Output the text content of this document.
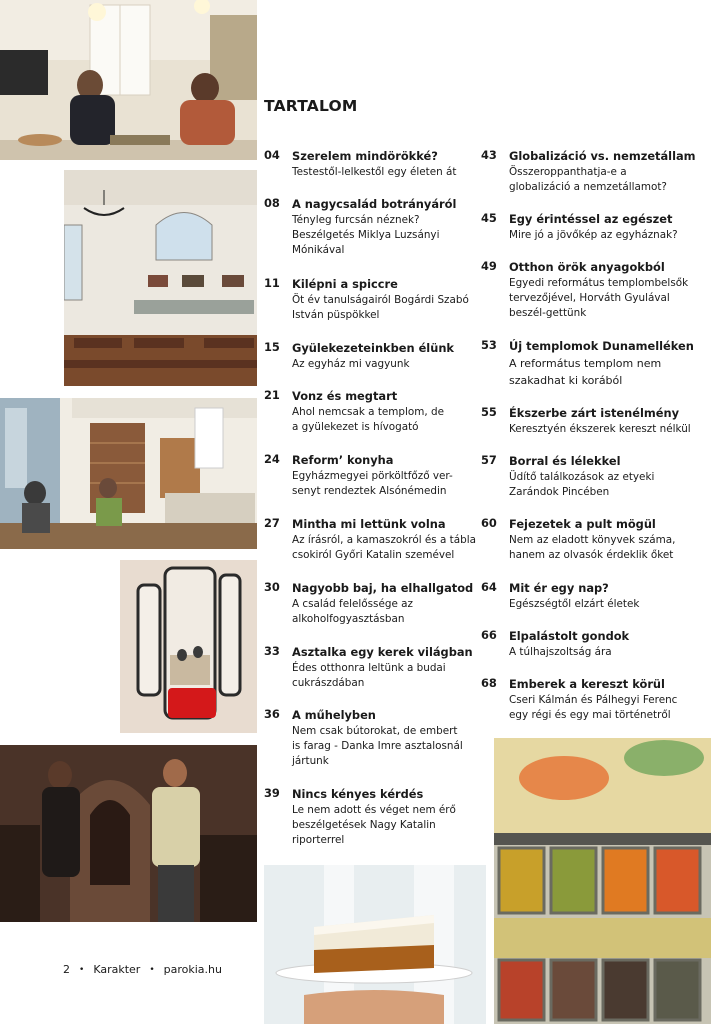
TARTALOM
04 Szerelem mindörökké?
Testestől-lelkestől egy életen át
08 A nagycsalád botrányáról
Tényleg furcsán néznek? Beszélgetés Miklya Luzsányi Mónikával
11 Kilépni a spiccre
Öt év tanulságairól Bogárdi Szabó István püspökkel
15 Gyülekezeteinkben élünk
Az egyház mi vagyunk
21 Vonz és megtart
Ahol nemcsak a templom, de a gyülekezet is hívogató
24 Reform’ konyha
Egyházmegyei pörköltfőző ver-senyt rendeztek Alsónémedin
27 Mintha mi lettünk volna
Az írásról, a kamaszokról és a tábla csokiról Győri Katalin szemével
30 Nagyobb baj, ha elhallgatod
A család felelőssége az alkoholfogyasztásban
33 Asztalka egy kerek világban
Édes otthonra leltünk a budai cukrászdában
36 A műhelyben
Nem csak bútorokat, de embert is farag - Danka Imre asztalosnál jártunk
39 Nincs kényes kérdés
Le nem adott és véget nem érő beszélgetések Nagy Katalin riporterrel
43 Globalizáció vs. nemzetállam
Összeroppanthatja-e a globalizáció a nemzetállamot?
45 Egy érintéssel az egészet
Mire jó a jövőkép az egyháznak?
49 Otthon örök anyagokból
Egyedi református templombelsők tervezőjével, Horváth Gyulával beszél-gettünk
53 Új templomok Dunamelléken
A református templom nem szakadhat ki korából
55 Ékszerbe zárt istenélmény
Keresztyén ékszerek kereszt nélkül
57 Borral és lélekkel
Üdítő találkozások az etyeki Zarándok Pincében
60 Fejezetek a pult mögül
Nem az eladott könyvek száma, hanem az olvasók érdeklik őket
64 Mit ér egy nap?
Egészségtől elzárt életek
66 Elpalástolt gondok
A túlhajszoltság ára
68 Emberek a kereszt körül
Cseri Kálmán és Pálhegyi Ferenc egy régi és egy mai történetről
2 • Karakter • parokia.hu
